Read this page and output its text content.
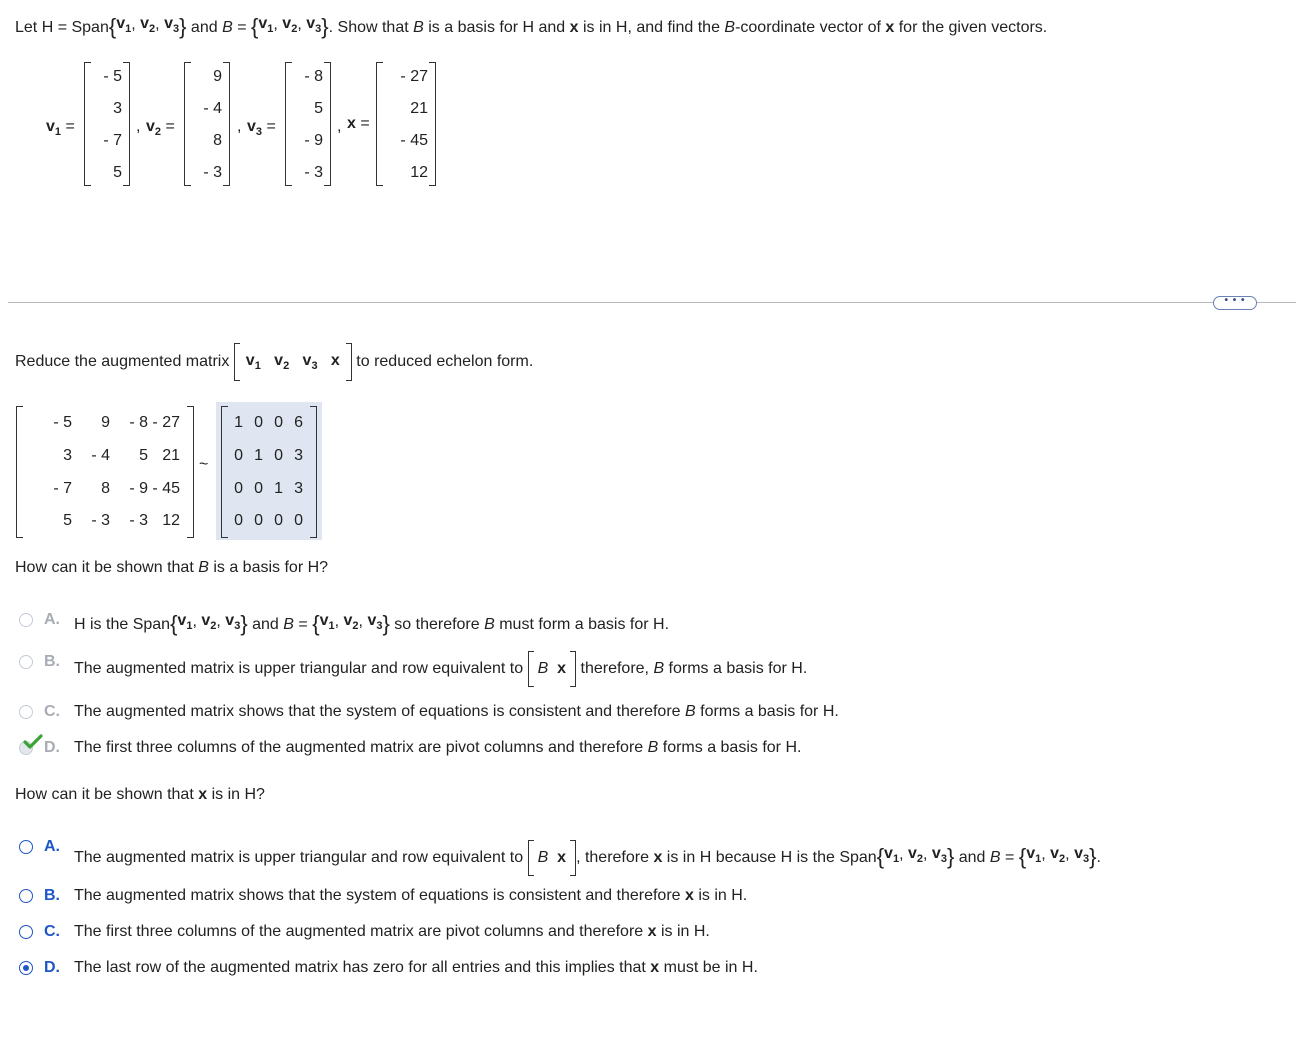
Let H = Span { $v_1$ ,
$v_2$ ,
$v_3$ } and B = { $v_1$ ,
$v_2$ ,
$v_3$ } . Show that B is a basis for H and x is in H, and find the B-coordinate vector of x for the given vectors.
$v_1$ =
- 5
3
- 7
5
, $v_2$ =
9
- 4
8
- 3
, $v_3$ =
- 8
5
- 9
- 3
, x =
- 27
21
- 45
12
• • •
Reduce the augmented matrix $v_1$ $v_2$ $v_3$ x to reduced echelon form.
- 5	9	- 8 - 27
3	- 4	5 21
- 7	8	- 9 - 45
5	- 3	- 3 12
~
1 0 0 6
0 1 0 3
0 0 1 3
0 0 0 0
How can it be shown that B is a basis for H?
A. H is the Span { $v_1$ ,
$v_2$ ,
$v_3$ } and B = { $v_1$ ,
$v_2$ ,
$v_3$ } so therefore B must form a basis for H.
B. The augmented matrix is upper triangular and row equivalent to B x therefore, B forms a basis for H.
C. The augmented matrix shows that the system of equations is consistent and therefore B forms a basis for H.
D. The first three columns of the augmented matrix are pivot columns and therefore B forms a basis for H.
How can it be shown that x is in H?
A.
The augmented matrix is upper triangular and row equivalent to B x , therefore x is in H because H is the Span { $v_1$ ,
$v_2$ ,
$v_3$ } and B = { $v_1$ ,
$v_2$ ,
$v_3$ } .
B. The augmented matrix shows that the system of equations is consistent and therefore x is in H.
C. The first three columns of the augmented matrix are pivot columns and therefore x is in H.
D. The last row of the augmented matrix has zero for all entries and this implies that x must be in H.
